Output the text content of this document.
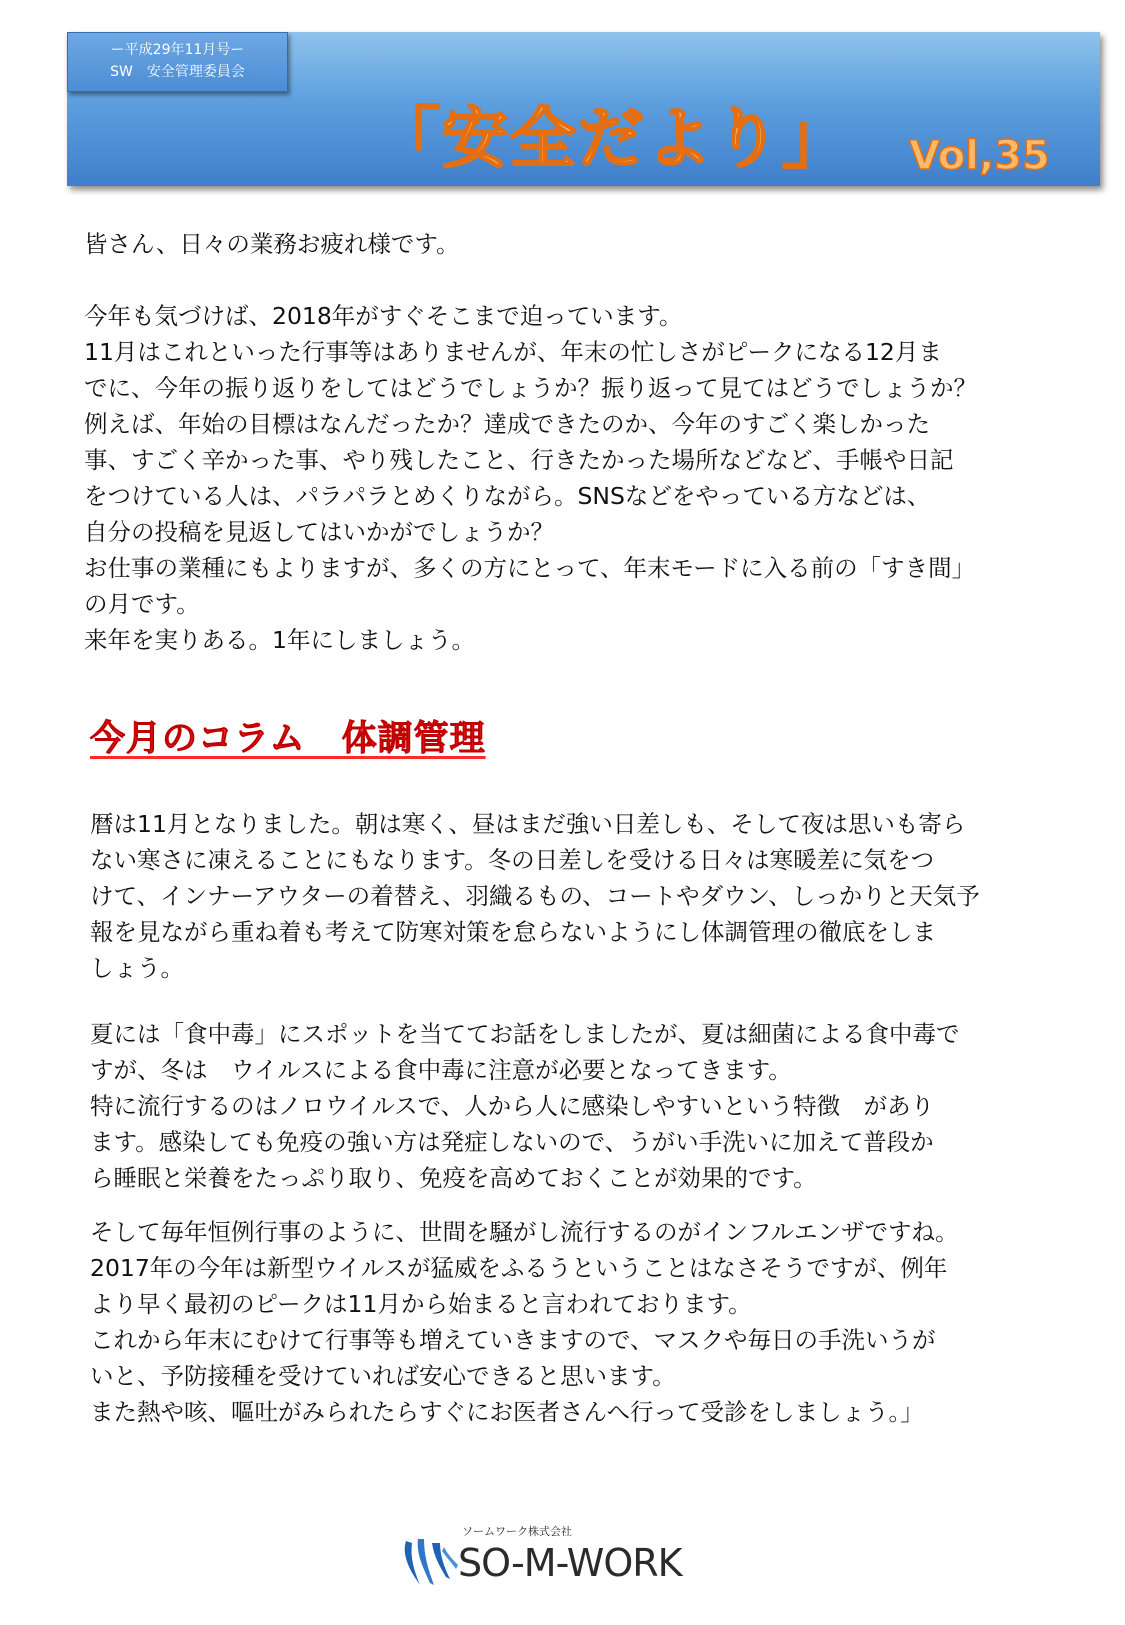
ー平成29年11月号ー
SW　安全管理委員会
「安全だより」 Vol,35
皆さん、日々の業務お疲れ様です。
今年も気づけば、2018年がすぐそこまで迫っています。
11月はこれといった行事等はありませんが、年末の忙しさがピークになる12月ま
でに、今年の振り返りをしてはどうでしょうか？振り返って見てはどうでしょうか？
例えば、年始の目標はなんだったか？達成できたのか、今年のすごく楽しかった
事、すごく辛かった事、やり残したこと、行きたかった場所などなど、手帳や日記
をつけている人は、パラパラとめくりながら。SNSなどをやっている方などは、
自分の投稿を見返してはいかがでしょうか？
お仕事の業種にもよりますが、多くの方にとって、年末モードに入る前の「すき間」
の月です。
来年を実りある。1年にしましょう。
今月のコラム　体調管理
暦は11月となりました。朝は寒く、昼はまだ強い日差しも、そして夜は思いも寄ら
ない寒さに凍えることにもなります。冬の日差しを受ける日々は寒暖差に気をつ
けて、インナーアウターの着替え、羽織るもの、コートやダウン、しっかりと天気予
報を見ながら重ね着も考えて防寒対策を怠らないようにし体調管理の徹底をしま
しょう。
夏には「食中毒」にスポットを当ててお話をしましたが、夏は細菌による食中毒で
すが、冬は　ウイルスによる食中毒に注意が必要となってきます。
特に流行するのはノロウイルスで、人から人に感染しやすいという特徴　があり
ます。感染しても免疫の強い方は発症しないので、うがい手洗いに加えて普段か
ら睡眠と栄養をたっぷり取り、免疫を高めておくことが効果的です。
そして毎年恒例行事のように、世間を騒がし流行するのがインフルエンザですね。
2017年の今年は新型ウイルスが猛威をふるうということはなさそうですが、例年
より早く最初のピークは11月から始まると言われております。
これから年末にむけて行事等も増えていきますので、マスクや毎日の手洗いうが
いと、予防接種を受けていれば安心できると思います。
また熱や咳、嘔吐がみられたらすぐにお医者さんへ行って受診をしましょう。」
ソームワーク株式会社
SO-M-WORK
